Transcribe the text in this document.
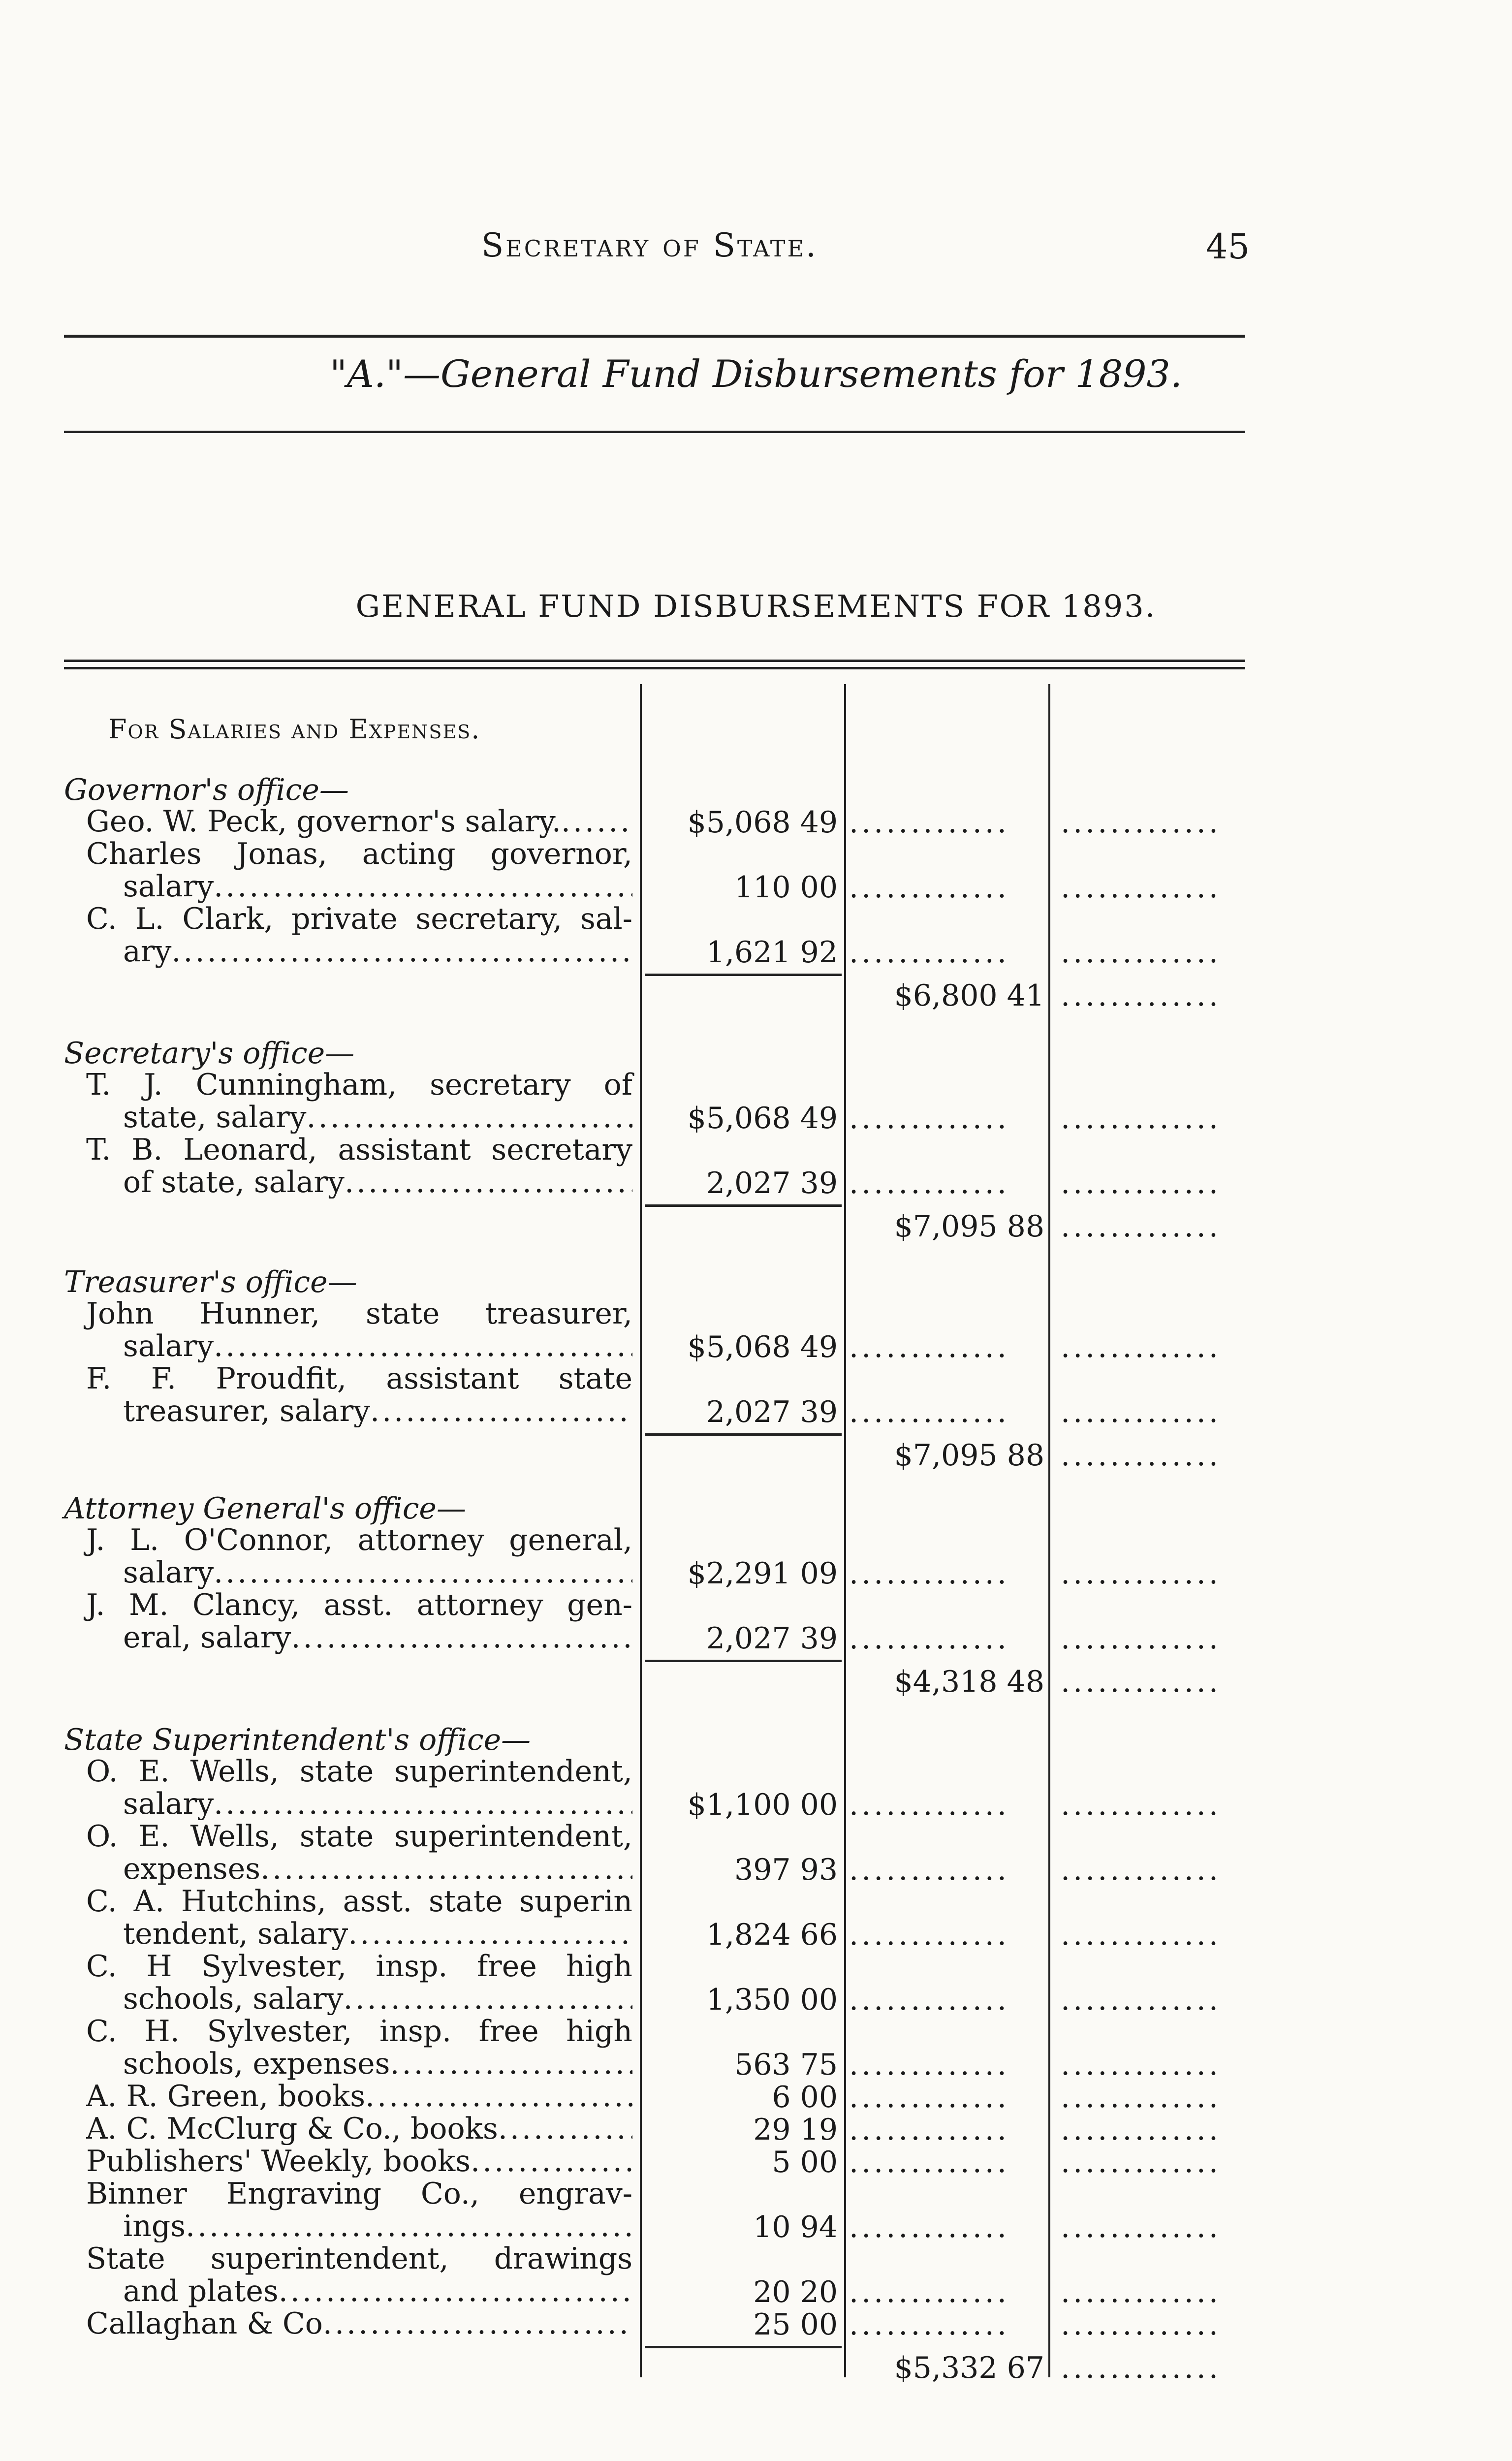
Secretary of State.	45
"A."—General Fund Disbursements for 1893.
GENERAL FUND DISBURSEMENTS FOR 1893.
For Salaries and Expenses.
Governor's office—
Geo. W. Peck, governor's salary. .....	$5,068 49 .............	.............
Charles Jonas, acting governor,
salary .....	110 00 .............	.............
C. L. Clark, private secretary, sal-
ary .....	1,621 92 .............	.............
$6,800 41 .............
Secretary's office—
T. J. Cunningham, secretary of
state, salary .....	$5,068 49 .............	.............
T. B. Leonard, assistant secretary
of state, salary .....	2,027 39 .............	.............
$7,095 88 .............
Treasurer's office—
John Hunner, state treasurer,
salary .....	$5,068 49 .............	.............
F. F. Proudfit, assistant state
treasurer, salary .....	2,027 39 .............	.............
$7,095 88 .............
Attorney General's office—
J. L. O'Connor, attorney general,
salary .....	$2,291 09 .............	.............
J. M. Clancy, asst. attorney gen-
eral, salary .....	2,027 39 .............	.............
$4,318 48 .............
State Superintendent's office—
O. E. Wells, state superintendent,
salary .....	$1,100 00 .............	.............
O. E. Wells, state superintendent,
expenses .....	397 93 .............	.............
C. A. Hutchins, asst. state superin
tendent, salary .....	1,824 66 .............	.............
C. H Sylvester, insp. free high
schools, salary .....	1,350 00 .............	.............
C. H. Sylvester, insp. free high
schools, expenses .....	563 75 .............	.............
A. R. Green, books .....	6 00 .............	.............
A. C. McClurg & Co., books .....	29 19 .............	.............
Publishers' Weekly, books .....	5 00 .............	.............
Binner Engraving Co., engrav-
ings .....	10 94 .............	.............
State superintendent, drawings
and plates .....	20 20 .............	.............
Callaghan & Co .....	25 00 .............	.............
$5,332 67 .............
